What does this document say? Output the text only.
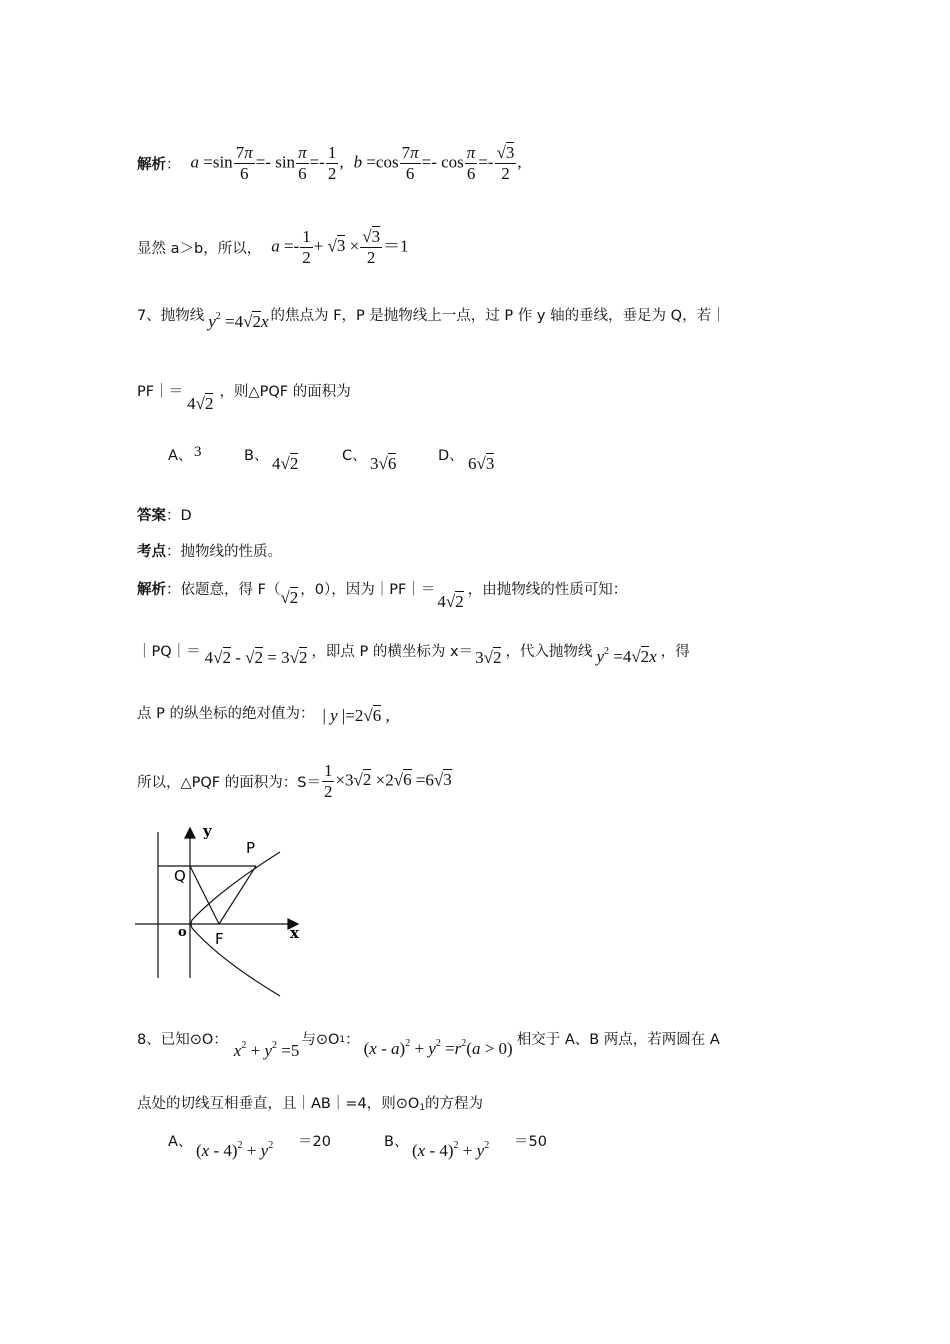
解析 ： $a =\sin \frac{7\pi}{6} =- \sin \frac{\pi}{6} =- \frac{1}{2}$ , $b =\cos \frac{7\pi}{6} =- \cos \frac{\pi}{6} =- \frac{√3}{2}$ ,
显然 a＞b，所以， $a =- \frac{1}{2} + √3 \times \frac{√3}{2} =1$
7、 抛物线 $y^2 =4√2x$ 的焦点为 F，P 是抛物线上一点，过 P 作 y 轴的垂线，垂足为 Q，若｜
PF｜＝
4√2
，则△PQF 的面积为
A、 3	B、 4√2	C、 3√6	D、 6√3
答案：D
考点：抛物线的性质。
解析 ： 依题意，得 F（ √2 ，0），因为｜PF｜＝
4√2
，由抛物线的性质可知：
｜PQ｜＝ 4√2 - √2 = 3√2 ，即点 P 的横坐标为 x＝ 3√2 ，代入抛物线 $y^2 =4√2x$ ，得
点 P 的纵坐标的绝对值为： | y |=2√6 ,
所以，△PQF 的面积为：$S= \frac{1}{2} \times 3√2 \times 2√6 =6√3$
y
x
P
Q
o F
8、 已知⊙O：
$x^2 + y^2 =5$
与⊙O $_1$ ： $(x - a)^2 + y^2 =r^2(a > 0)$ 相交于 A、B 两点，若两圆在 A
点处的切线互相垂直，且｜AB｜=4，则$⊙O_1$的方程为
A、 $(x - 4)^2 + y^2 =20$	B、 $(x - 4)^2 + y^2 =50$
